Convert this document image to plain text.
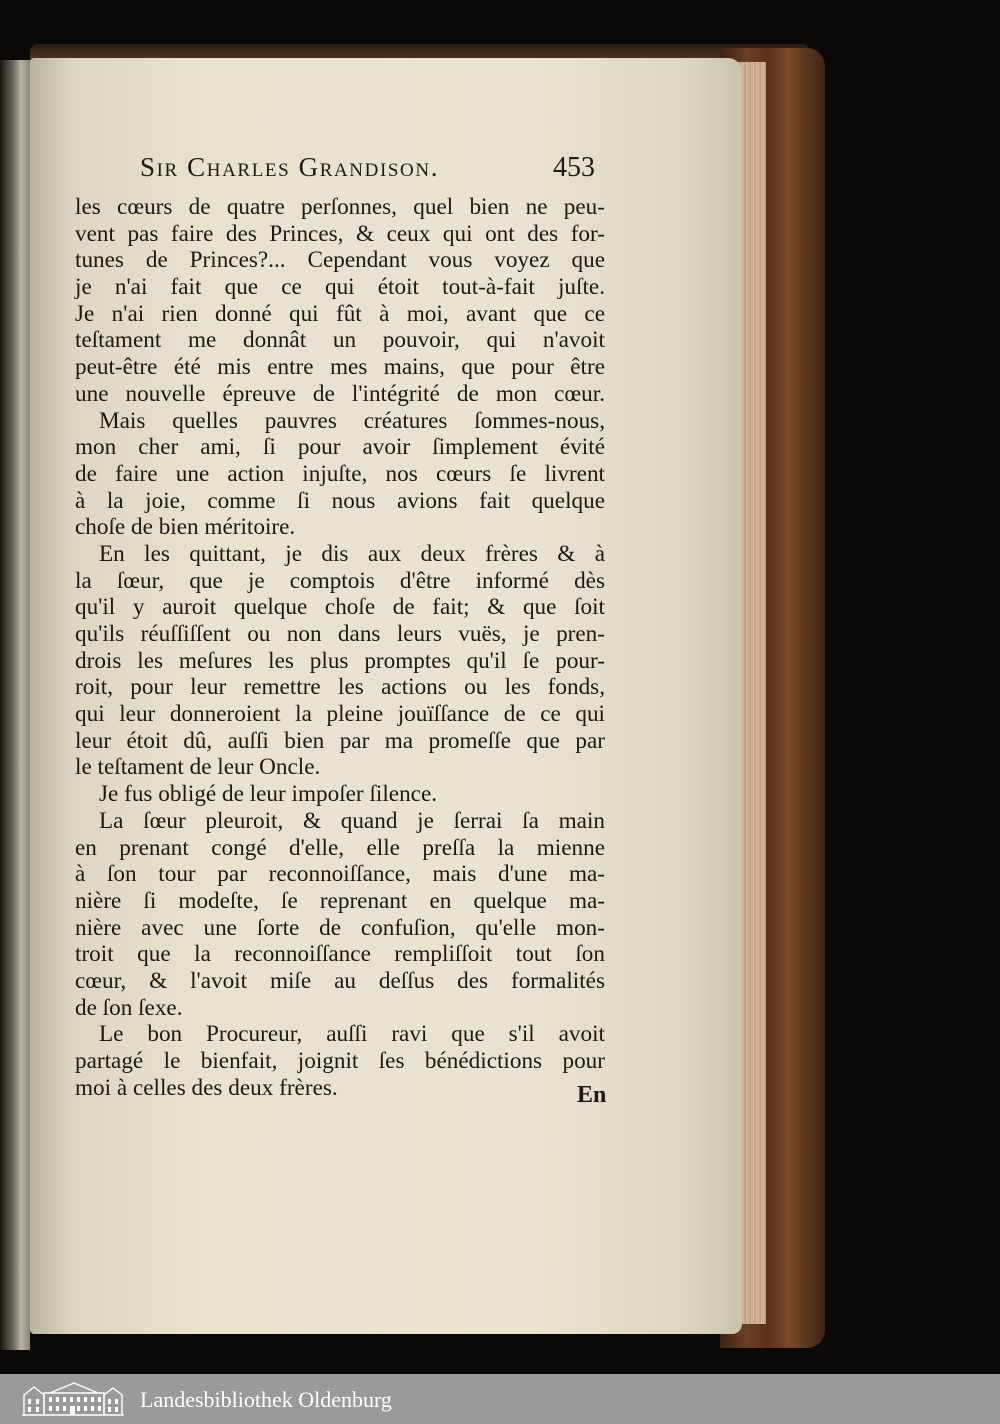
Sir Charles Grandison.	453
les cœurs de quatre perſonnes, quel bien ne peu-
vent pas faire des Princes, & ceux qui ont des for-
tunes de Princes?... Cependant vous voyez que
je n'ai fait que ce qui étoit tout-à-fait juſte.
Je n'ai rien donné qui fût à moi, avant que ce
teſtament me donnât un pouvoir, qui n'avoit
peut-être été mis entre mes mains, que pour être
une nouvelle épreuve de l'intégrité de mon cœur.
Mais quelles pauvres créatures ſommes-nous,
mon cher ami, ſi pour avoir ſimplement évité
de faire une action injuſte, nos cœurs ſe livrent
à la joie, comme ſi nous avions fait quelque
choſe de bien méritoire.
En les quittant, je dis aux deux frères & à
la ſœur, que je comptois d'être informé dès
qu'il y auroit quelque choſe de fait; & que ſoit
qu'ils réuſſiſſent ou non dans leurs vuës, je pren-
drois les meſures les plus promptes qu'il ſe pour-
roit, pour leur remettre les actions ou les fonds,
qui leur donneroient la pleine jouïſſance de ce qui
leur étoit dû, auſſi bien par ma promeſſe que par
le teſtament de leur Oncle.
Je fus obligé de leur impoſer ſilence.
La ſœur pleuroit, & quand je ſerrai ſa main
en prenant congé d'elle, elle preſſa la mienne
à ſon tour par reconnoiſſance, mais d'une ma-
nière ſi modeſte, ſe reprenant en quelque ma-
nière avec une ſorte de confuſion, qu'elle mon-
troit que la reconnoiſſance rempliſſoit tout ſon
cœur, & l'avoit miſe au deſſus des formalités
de ſon ſexe.
Le bon Procureur, auſſi ravi que s'il avoit
partagé le bienfait, joignit ſes bénédictions pour
moi à celles des deux frères.	En
Landesbibliothek Oldenburg
